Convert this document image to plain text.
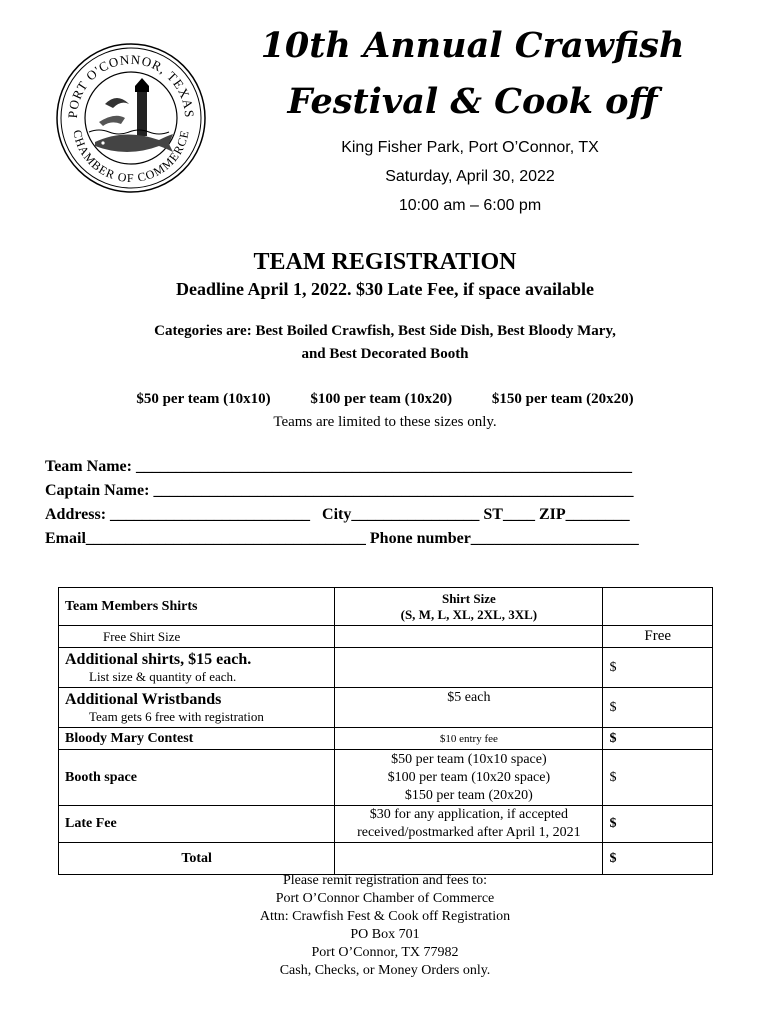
PORT O'CONNOR, TEXAS
CHAMBER OF COMMERCE
10th Annual Crawfish
Festival & Cook off
King Fisher Park, Port O’Connor, TX
Saturday, April 30, 2022
10:00 am – 6:00 pm
TEAM REGISTRATION
Deadline April 1, 2022. $30 Late Fee, if space available
Categories are: Best Boiled Crawfish, Best Side Dish, Best Bloody Mary,
and Best Decorated Booth
$50 per team (10x10)	$100 per team (10x20)	$150 per team (20x20)
Teams are limited to these sizes only.
Team Name: ______________________________________________________________
Captain Name: ____________________________________________________________
Address: _________________________   City________________ ST____ ZIP________
Email___________________________________ Phone number_____________________
Team Members Shirts	Shirt Size
(S, M, L, XL, 2XL, 3XL)	

Free Shirt Size		Free

Additional shirts, $15 each.
List size & quantity of each.		$

Additional Wristbands
Team gets 6 free with registration	$5 each	$
Bloody Mary Contest	$10 entry fee	$
Booth space	$50 per team (10x10 space)
$100 per team (10x20 space)
$150 per team (20x20)	$
Late Fee	$30 for any application, if accepted
received/postmarked after April 1, 2021	$
Total		$
Please remit registration and fees to:
Port O’Connor Chamber of Commerce
Attn: Crawfish Fest & Cook off Registration
PO Box 701
Port O’Connor, TX 77982
Cash, Checks, or Money Orders only.
